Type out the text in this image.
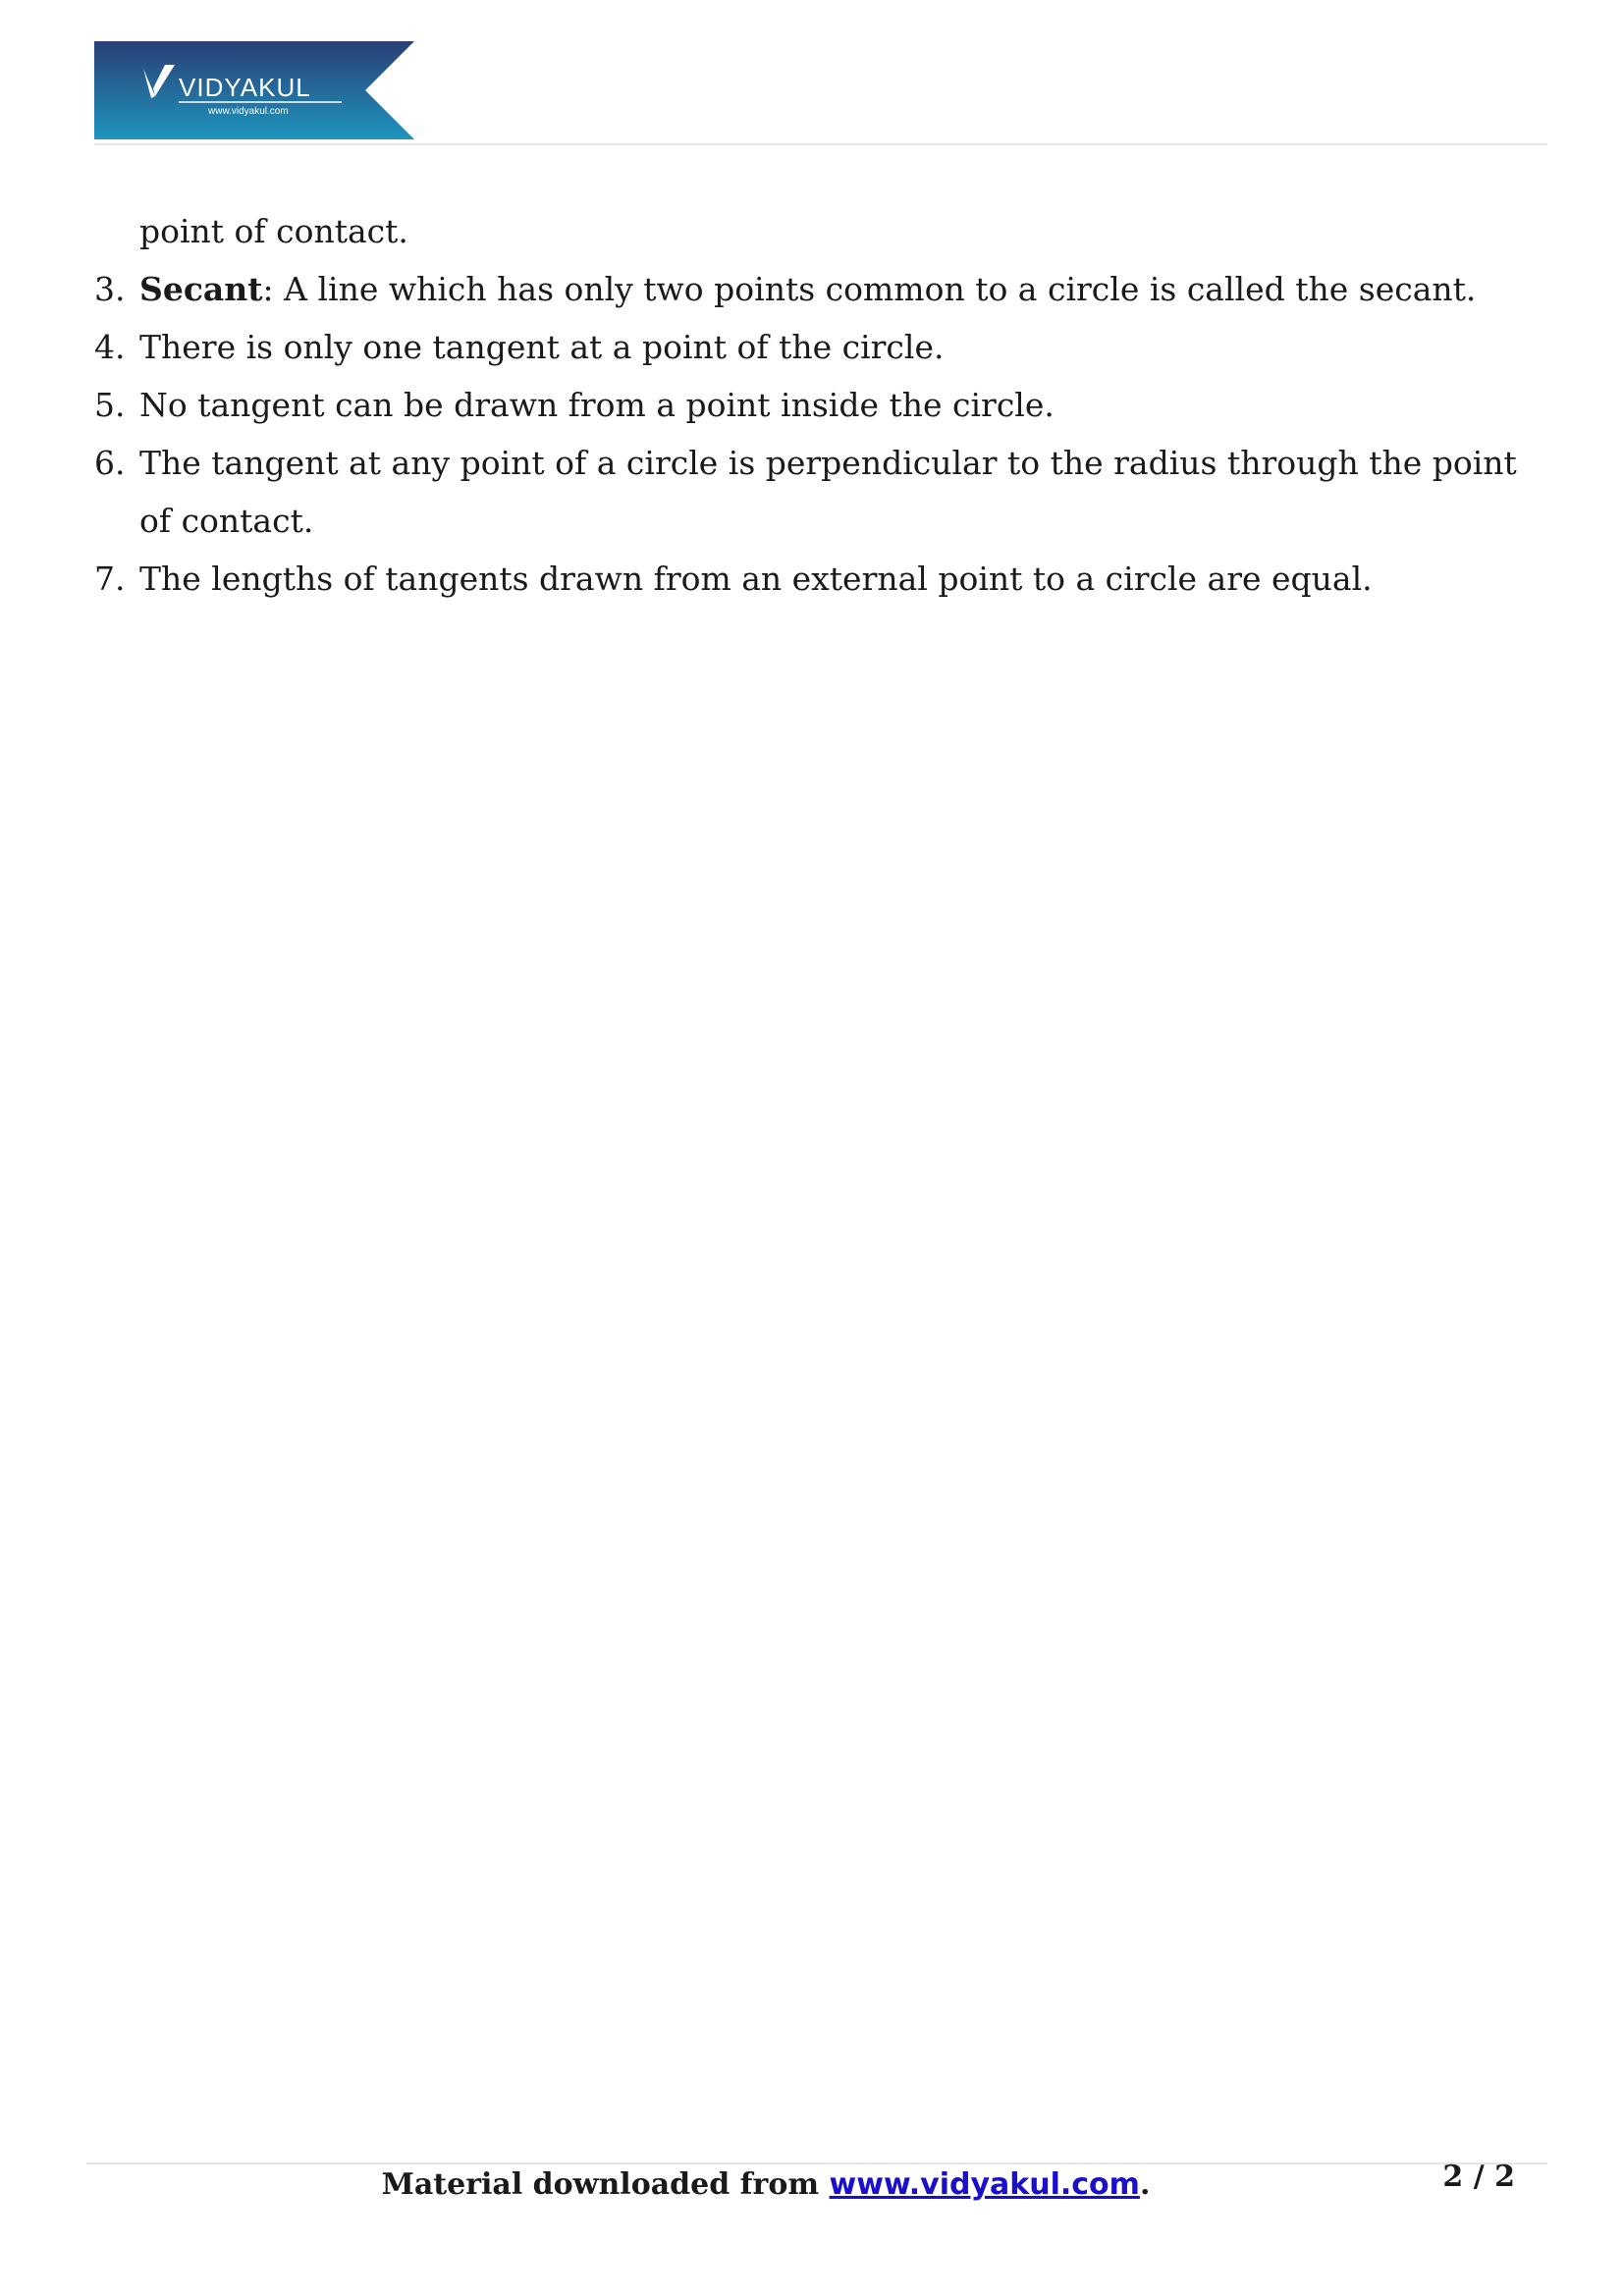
VIDYAKUL
www.vidyakul.com
point of contact.
3. Secant: A line which has only two points common to a circle is called the secant.
4. There is only one tangent at a point of the circle.
5. No tangent can be drawn from a point inside the circle.
6. The tangent at any point of a circle is perpendicular to the radius through the point of contact.
7. The lengths of tangents drawn from an external point to a circle are equal.
Material downloaded from www.vidyakul.com.	2 / 2
